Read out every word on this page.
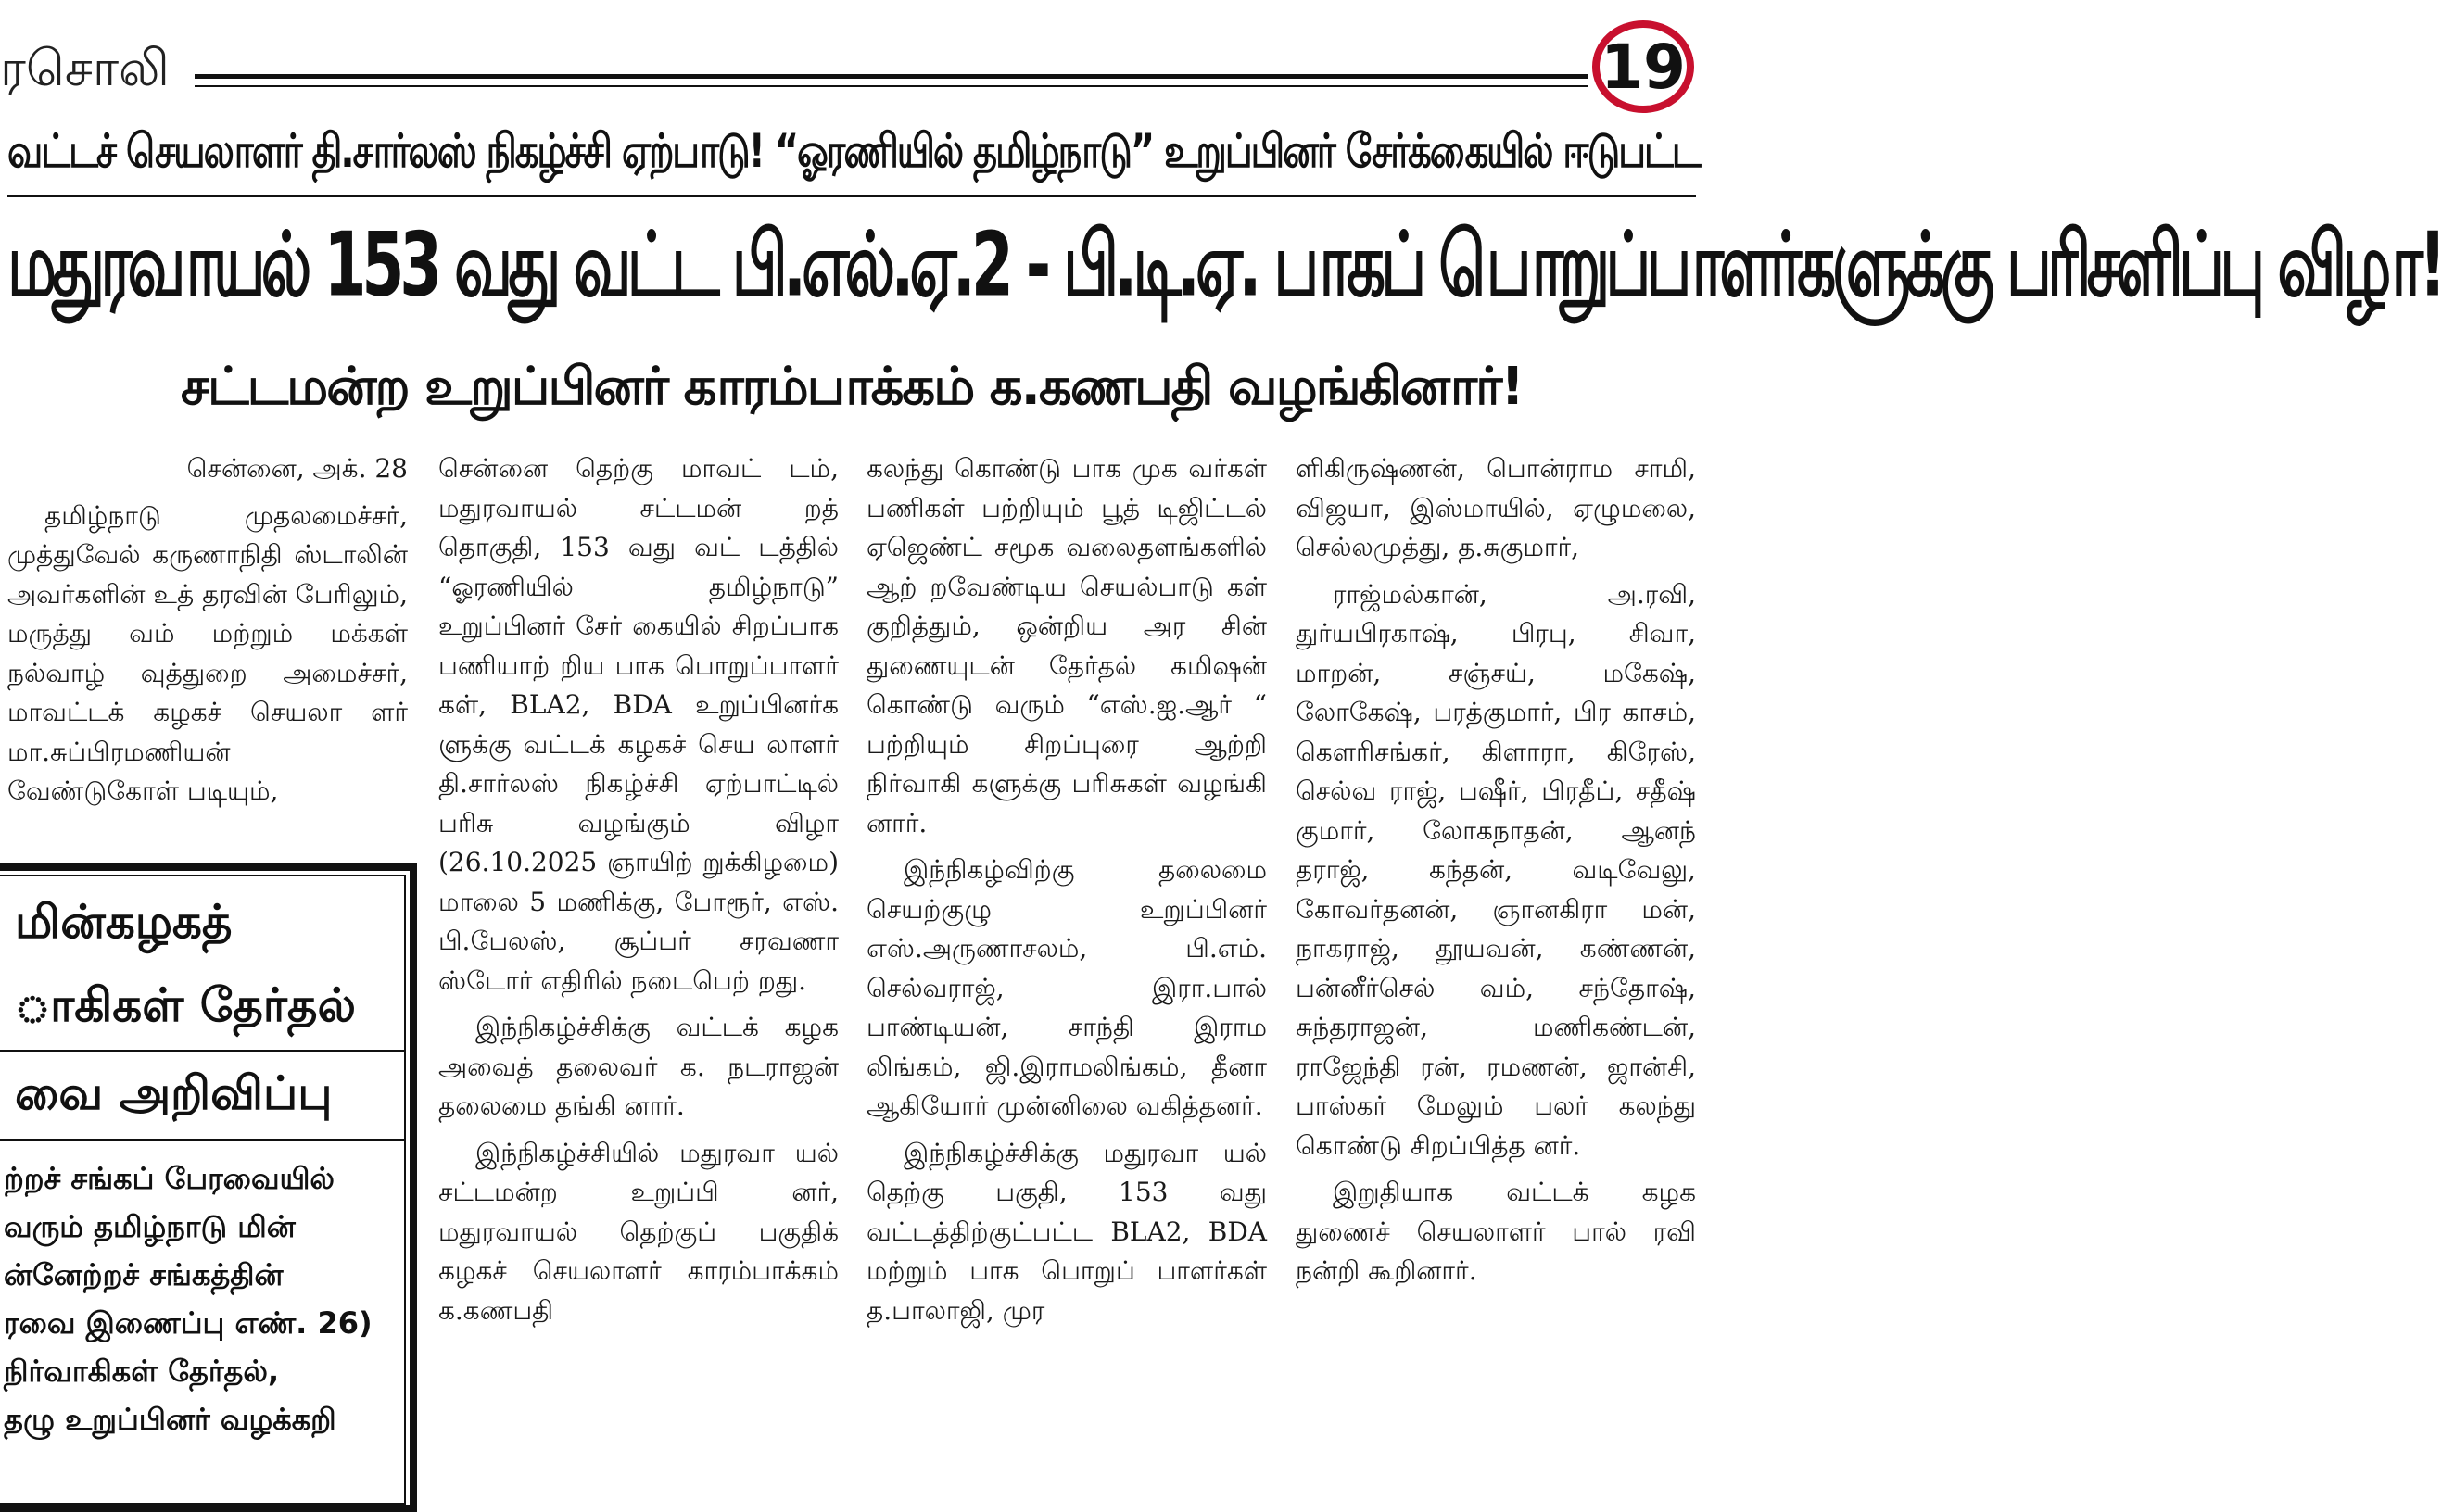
ரசொலி	19
வட்டச் செயலாளர் தி.சார்லஸ் நிகழ்ச்சி ஏற்பாடு! “ஓரணியில் தமிழ்நாடு” உறுப்பினர் சேர்க்கையில் ஈடுபட்ட
மதுரவாயல் 153 வது வட்ட பி.எல்.ஏ.2 - பி.டி.ஏ. பாகப் பொறுப்பாளர்களுக்கு பரிசளிப்பு விழா!
சட்டமன்ற உறுப்பினர் காரம்பாக்கம் க.கணபதி வழங்கினார்!

சென்னை, அக். 28

தமிழ்நாடு முதலமைச்சர், முத்துவேல் கருணாநிதி ஸ்டாலின் அவர்களின் உத் தரவின் பேரிலும், மருத்து வம் மற்றும் மக்கள் நல்வாழ் வுத்துறை அமைச்சர், மாவட்டக் கழகச் செயலா ளர் மா.சுப்பிரமணியன் வேண்டுகோள் படியும்,

சென்னை தெற்கு மாவட் டம், மதுரவாயல் சட்டமன் றத் தொகுதி, 153 வது வட் டத்தில் “ஓரணியில் தமிழ்நாடு” உறுப்பினர் சேர் கையில் சிறப்பாக பணியாற் றிய பாக பொறுப்பாளர் கள், BLA2, BDA உறுப்பினர்க ளுக்கு வட்டக் கழகச் செய லாளர் தி.சார்லஸ் நிகழ்ச்சி ஏற்பாட்டில் பரிசு வழங்கும் விழா (26.10.2025 ஞாயிற் றுக்கிழமை) மாலை 5 மணிக்கு, போரூர், எஸ். பி.பேலஸ், சூப்பர் சரவணா ஸ்டோர் எதிரில் நடைபெற் றது.

இந்நிகழ்ச்சிக்கு வட்டக் கழக அவைத் தலைவர் க. நடராஜன் தலைமை தங்கி னார்.

இந்நிகழ்ச்சியில் மதுரவா யல் சட்டமன்ற உறுப்பி னர், மதுரவாயல் தெற்குப் பகுதிக் கழகச் செயலாளர் காரம்பாக்கம் க.கணபதி

கலந்து கொண்டு பாக முக வர்கள் பணிகள் பற்றியும் பூத் டிஜிட்டல் ஏஜெண்ட் சமூக வலைதளங்களில் ஆற் றவேண்டிய செயல்பாடு கள் குறித்தும், ஒன்றிய அர சின் துணையுடன் தேர்தல் கமிஷன் கொண்டு வரும் “எஸ்.ஐ.ஆர் “ பற்றியும் சிறப்புரை ஆற்றி நிர்வாகி களுக்கு பரிசுகள் வழங்கி னார்.

இந்நிகழ்விற்கு தலைமை செயற்குழு உறுப்பினர் எஸ்.அருணாசலம், பி.எம். செல்வராஜ், இரா.பால் பாண்டியன், சாந்தி இராம லிங்கம், ஜி.இராமலிங்கம், தீனா ஆகியோர் முன்னிலை வகித்தனர்.

இந்நிகழ்ச்சிக்கு மதுரவா யல் தெற்கு பகுதி, 153 வது வட்டத்திற்குட்பட்ட BLA2, BDA மற்றும் பாக பொறுப் பாளர்கள் த.பாலாஜி, முர

ளிகிருஷ்ணன், பொன்ராம சாமி, விஜயா, இஸ்மாயில், ஏழுமலை, செல்லமுத்து, த.சுகுமார்,

ராஜ்மல்கான், அ.ரவி, துர்யபிரகாஷ், பிரபு, சிவா, மாறன், சஞ்சய், மகேஷ், லோகேஷ், பரத்குமார், பிர காசம், கௌரிசங்கர், கிளாரா, கிரேஸ், செல்வ ராஜ், பஷீர், பிரதீப், சதீஷ் குமார், லோகநாதன், ஆனந் தராஜ், கந்தன், வடிவேலு, கோவர்தனன், ஞானகிரா மன், நாகராஜ், தூயவன், கண்ணன், பன்னீர்செல் வம், சந்தோஷ், சுந்தராஜன், மணிகண்டன், ராஜேந்தி ரன், ரமணன், ஜான்சி, பாஸ்கர் மேலும் பலர் கலந்து கொண்டு சிறப்பித்த னர்.

இறுதியாக வட்டக் கழக துணைச் செயலாளர் பால் ரவி நன்றி கூறினார்.

மின்கழகத்
ாகிகள் தேர்தல்
வை அறிவிப்பு

ற்றச் சங்கப் பேரவையில்

வரும் தமிழ்நாடு மின்

ன்னேற்றச் சங்கத்தின்

ரவை இணைப்பு எண். 26)

நிர்வாகிகள் தேர்தல்,

தழு உறுப்பினர் வழக்கறி
